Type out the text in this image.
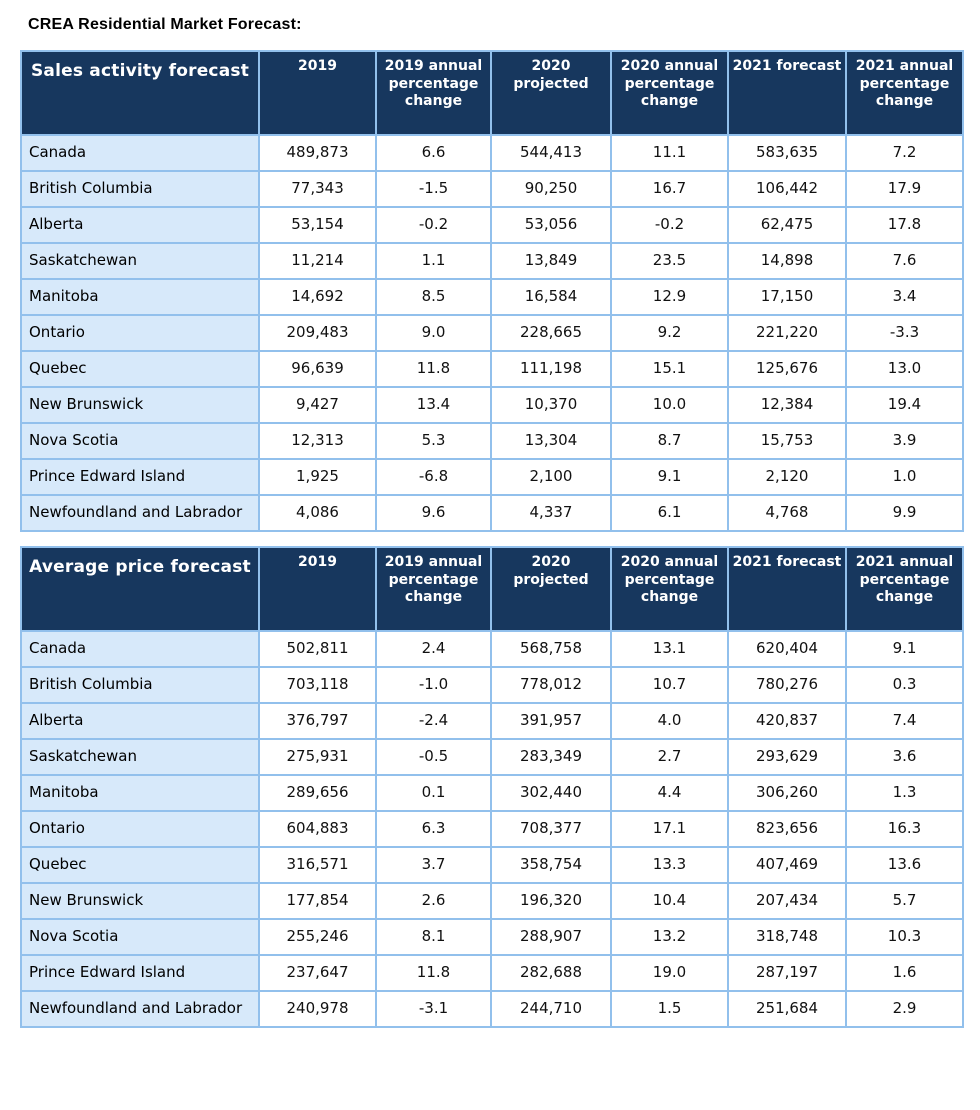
CREA Residential Market Forecast:
Sales activity forecast	2019	2019 annual percentage change	2020 projected	2020 annual percentage change	2021 forecast	2021 annual percentage change
Canada	489,873	6.6	544,413	11.1	583,635	7.2
British Columbia	77,343	-1.5	90,250	16.7	106,442	17.9
Alberta	53,154	-0.2	53,056	-0.2	62,475	17.8
Saskatchewan	11,214	1.1	13,849	23.5	14,898	7.6
Manitoba	14,692	8.5	16,584	12.9	17,150	3.4
Ontario	209,483	9.0	228,665	9.2	221,220	-3.3
Quebec	96,639	11.8	111,198	15.1	125,676	13.0
New Brunswick	9,427	13.4	10,370	10.0	12,384	19.4
Nova Scotia	12,313	5.3	13,304	8.7	15,753	3.9
Prince Edward Island	1,925	-6.8	2,100	9.1	2,120	1.0
Newfoundland and Labrador	4,086	9.6	4,337	6.1	4,768	9.9
Average price forecast	2019	2019 annual percentage change	2020 projected	2020 annual percentage change	2021 forecast	2021 annual percentage change
Canada	502,811	2.4	568,758	13.1	620,404	9.1
British Columbia	703,118	-1.0	778,012	10.7	780,276	0.3
Alberta	376,797	-2.4	391,957	4.0	420,837	7.4
Saskatchewan	275,931	-0.5	283,349	2.7	293,629	3.6
Manitoba	289,656	0.1	302,440	4.4	306,260	1.3
Ontario	604,883	6.3	708,377	17.1	823,656	16.3
Quebec	316,571	3.7	358,754	13.3	407,469	13.6
New Brunswick	177,854	2.6	196,320	10.4	207,434	5.7
Nova Scotia	255,246	8.1	288,907	13.2	318,748	10.3
Prince Edward Island	237,647	11.8	282,688	19.0	287,197	1.6
Newfoundland and Labrador	240,978	-3.1	244,710	1.5	251,684	2.9
